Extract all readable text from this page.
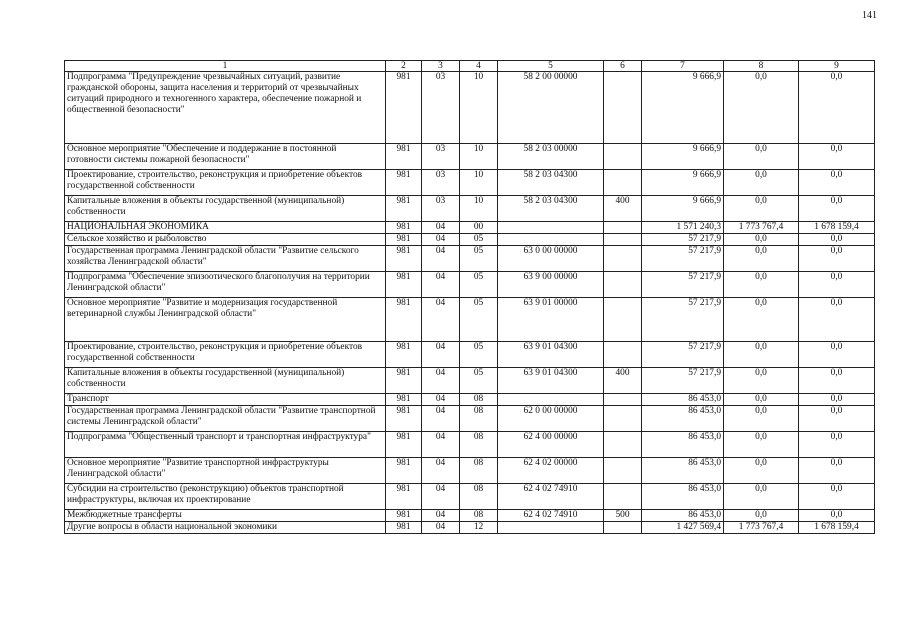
141
1	2	3	4	5	6	7	8	9
Подпрограмма "Предупреждение чрезвычайных ситуаций, развитие гражданской обороны, защита населения и территорий от чрезвычайных ситуаций природного и техногенного характера, обеспечение пожарной и общественной безопасности"	981	03	10	58 2 00 00000		9 666,9	0,0	0,0
Основное мероприятие "Обеспечение и поддержание в постоянной готовности системы пожарной безопасности"	981	03	10	58 2 03 00000		9 666,9	0,0	0,0
Проектирование, строительство, реконструкция и приобретение объектов государственной собственности	981	03	10	58 2 03 04300		9 666,9	0,0	0,0
Капитальные вложения в объекты государственной (муниципальной) собственности	981	03	10	58 2 03 04300	400	9 666,9	0,0	0,0
НАЦИОНАЛЬНАЯ ЭКОНОМИКА	981	04	00			1 571 240,3	1 773 767,4	1 678 159,4
Сельское хозяйство и рыболовство	981	04	05			57 217,9	0,0	0,0
Государственная программа Ленинградской области "Развитие сельского хозяйства Ленинградской области"	981	04	05	63 0 00 00000		57 217,9	0,0	0,0
Подпрограмма "Обеспечение эпизоотического благополучия на территории Ленинградской области"	981	04	05	63 9 00 00000		57 217,9	0,0	0,0
Основное мероприятие "Развитие и модернизация государственной ветеринарной службы Ленинградской области"	981	04	05	63 9 01 00000		57 217,9	0,0	0,0
Проектирование, строительство, реконструкция и приобретение объектов государственной собственности	981	04	05	63 9 01 04300		57 217,9	0,0	0,0
Капитальные вложения в объекты государственной (муниципальной) собственности	981	04	05	63 9 01 04300	400	57 217,9	0,0	0,0
Транспорт	981	04	08			86 453,0	0,0	0,0
Государственная программа Ленинградской области "Развитие транспортной системы Ленинградской области"	981	04	08	62 0 00 00000		86 453,0	0,0	0,0
Подпрограмма "Общественный транспорт и транспортная инфраструктура"	981	04	08	62 4 00 00000		86 453,0	0,0	0,0
Основное мероприятие "Развитие транспортной инфраструктуры Ленинградской области"	981	04	08	62 4 02 00000		86 453,0	0,0	0,0
Субсидии на строительство (реконструкцию) объектов транспортной инфраструктуры, включая их проектирование	981	04	08	62 4 02 74910		86 453,0	0,0	0,0
Межбюджетные трансферты	981	04	08	62 4 02 74910	500	86 453,0	0,0	0,0
Другие вопросы в области национальной экономики	981	04	12			1 427 569,4	1 773 767,4	1 678 159,4
